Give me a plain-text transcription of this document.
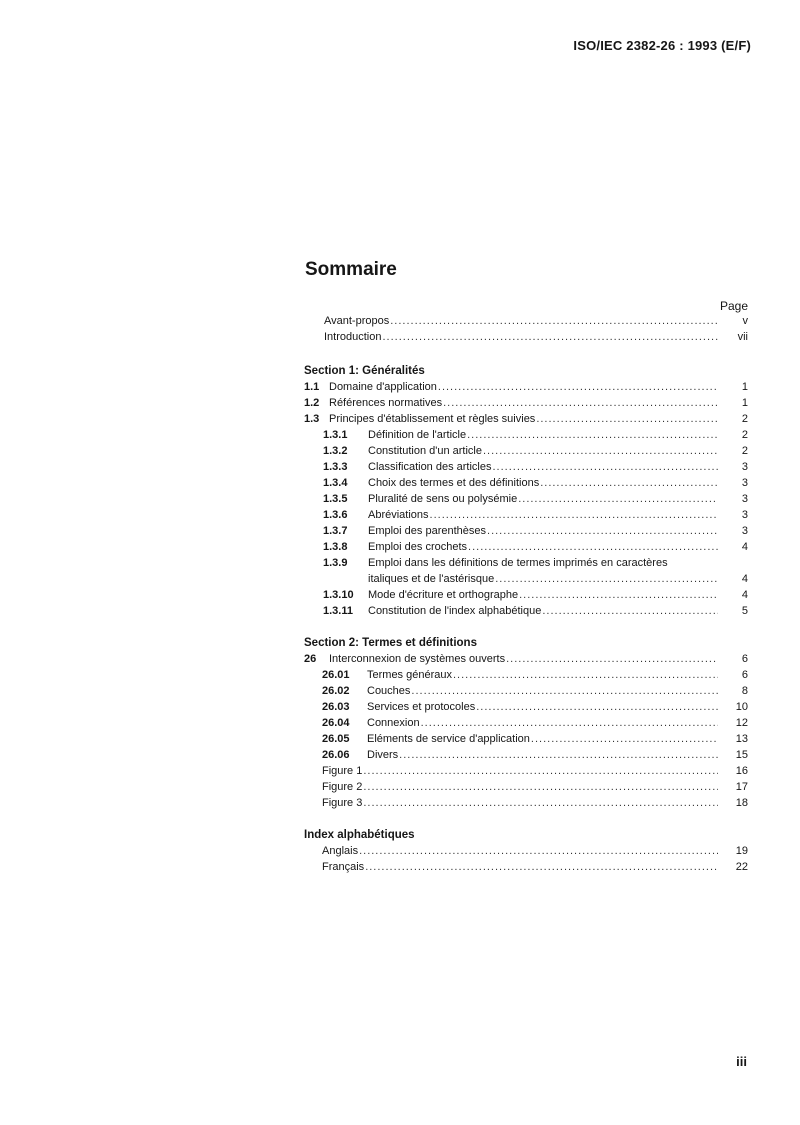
ISO/IEC 2382-26 : 1993 (E/F)
Sommaire
Page
Avant-propos .....	v
Introduction .....	vii
Section 1: Généralités
1.1 Domaine d'application .....	1
1.2 Références normatives .....	1
1.3 Principes d'établissement et règles suivies .....	2
1.3.1	Définition de l'article .....	2
1.3.2	Constitution d'un article .....	2
1.3.3	Classification des articles .....	3
1.3.4	Choix des termes et des définitions .....	3
1.3.5	Pluralité de sens ou polysémie .....	3
1.3.6	Abréviations .....	3
1.3.7	Emploi des parenthèses .....	3
1.3.8	Emploi des crochets .....	4
1.3.9	Emploi dans les définitions de termes imprimés en caractères
italiques et de l'astérisque .....	4
1.3.10	Mode d'écriture et orthographe .....	4
1.3.11	Constitution de l'index alphabétique .....	5
Section 2: Termes et définitions
26	Interconnexion de systèmes ouverts .....	6
26.01	Termes généraux .....	6
26.02	Couches .....	8
26.03	Services et protocoles .....	10
26.04	Connexion .....	12
26.05	Eléments de service d'application .....	13
26.06	Divers .....	15
Figure 1 .....	16
Figure 2 .....	17
Figure 3 .....	18
Index alphabétiques
Anglais .....	19
Français .....	22
iii
